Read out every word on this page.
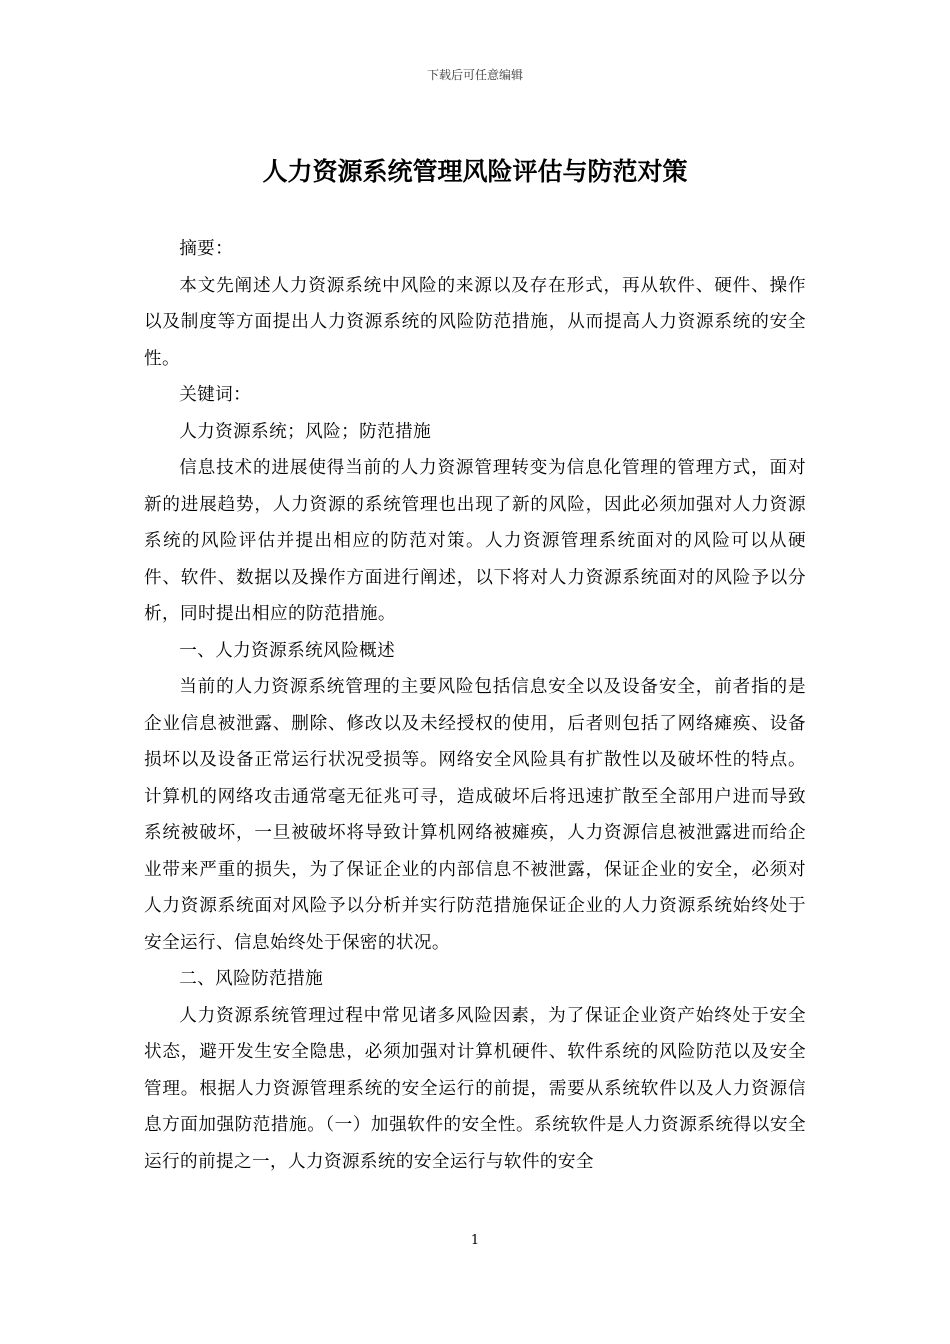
下载后可任意编辑
人力资源系统管理风险评估与防范对策

摘要：

本文先阐述人力资源系统中风险的来源以及存在形式，再从软件、硬件、操作以及制度等方面提出人力资源系统的风险防范措施，从而提高人力资源系统的安全性。

关键词：

人力资源系统；风险；防范措施

信息技术的进展使得当前的人力资源管理转变为信息化管理的管理方式，面对新的进展趋势，人力资源的系统管理也出现了新的风险，因此必须加强对人力资源系统的风险评估并提出相应的防范对策。人力资源管理系统面对的风险可以从硬件、软件、数据以及操作方面进行阐述，以下将对人力资源系统面对的风险予以分析，同时提出相应的防范措施。

一、人力资源系统风险概述

当前的人力资源系统管理的主要风险包括信息安全以及设备安全，前者指的是企业信息被泄露、删除、修改以及未经授权的使用，后者则包括了网络瘫痪、设备损坏以及设备正常运行状况受损等。网络安全风险具有扩散性以及破坏性的特点。计算机的网络攻击通常毫无征兆可寻，造成破坏后将迅速扩散至全部用户进而导致系统被破坏，一旦被破坏将导致计算机网络被瘫痪，人力资源信息被泄露进而给企业带来严重的损失，为了保证企业的内部信息不被泄露，保证企业的安全，必须对人力资源系统面对风险予以分析并实行防范措施保证企业的人力资源系统始终处于安全运行、信息始终处于保密的状况。

二、风险防范措施

人力资源系统管理过程中常见诸多风险因素，为了保证企业资产始终处于安全状态，避开发生安全隐患，必须加强对计算机硬件、软件系统的风险防范以及安全管理。根据人力资源管理系统的安全运行的前提，需要从系统软件以及人力资源信息方面加强防范措施。（一）加强软件的安全性。系统软件是人力资源系统得以安全运行的前提之一，人力资源系统的安全运行与软件的安全

1
